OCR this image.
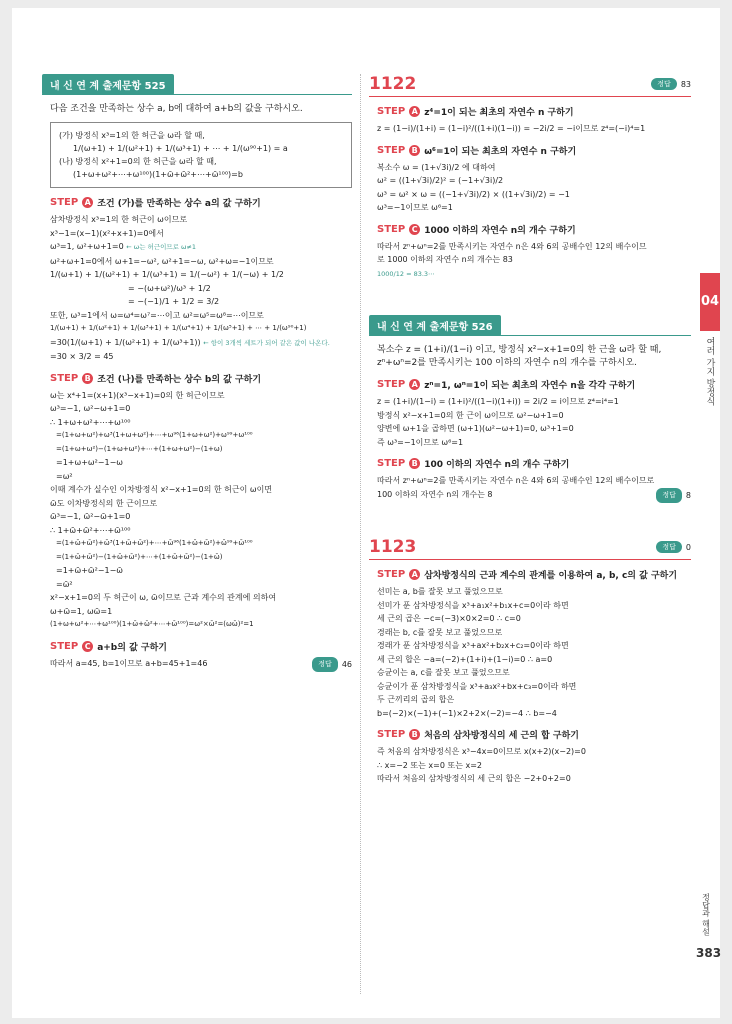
내 신 연 계 출제문항 525
다음 조건을 만족하는 상수 a, b에 대하여 a+b의 값을 구하시오.
(가) 방정식 x³=1의 한 허근을 ω라 할 때,
1/(ω+1) + 1/(ω²+1) + 1/(ω³+1) + ⋯ + 1/(ω⁹⁰+1) = a
(나) 방정식 x²+1=0의 한 허근을 ω라 할 때,
(1+ω+ω²+⋯+ω¹⁰⁰)(1+ω̄+ω̄²+⋯+ω̄¹⁰⁰)=b
STEP A 조건 (가)를 만족하는 상수 a의 값 구하기
삼차방정식 x³=1의 한 허근이 ω이므로
x³−1=(x−1)(x²+x+1)=0에서
ω³=1, ω²+ω+1=0 ← ω는 허근이므로 ω≠1
ω²+ω+1=0에서 ω+1=−ω², ω²+1=−ω, ω²+ω=−1이므로
1/(ω+1) + 1/(ω²+1) + 1/(ω³+1) = 1/(−ω²) + 1/(−ω) + 1/2
= −(ω+ω²)/ω³ + 1/2
= −(−1)/1 + 1/2 = 3/2
또한, ω³=1에서 ω=ω⁴=ω⁷=⋯이고 ω²=ω⁵=ω⁸=⋯이므로
1/(ω+1) + 1/(ω²+1) + 1/(ω³+1) + 1/(ω⁴+1) + 1/(ω⁵+1) + ⋯ + 1/(ω⁹⁰+1)
=30(1/(ω+1) + 1/(ω²+1) + 1/(ω³+1)) ← 항이 3개씩 세트가 되어 같은 값이 나온다.
=30 × 3/2 = 45
STEP B 조건 (나)를 만족하는 상수 b의 값 구하기
ω는 x⁴+1=(x+1)(x³−x+1)=0의 한 허근이므로
ω³=−1, ω²−ω+1=0
∴ 1+ω+ω²+⋯+ω¹⁰⁰
=(1+ω+ω²)+ω³(1+ω+ω²)+⋯+ω⁹⁶(1+ω+ω²)+ω⁹⁹+ω¹⁰⁰
=(1+ω+ω²)−(1+ω+ω²)+⋯+(1+ω+ω²)−(1+ω)
=1+ω+ω²−1−ω
=ω²
이때 계수가 실수인 이차방정식 x²−x+1=0의 한 허근이 ω이면
ω̄도 이차방정식의 한 근이므로
ω̄³=−1, ω̄²−ω̄+1=0
∴ 1+ω̄+ω̄²+⋯+ω̄¹⁰⁰
=(1+ω̄+ω̄²)+ω̄³(1+ω̄+ω̄²)+⋯+ω̄⁹⁶(1+ω̄+ω̄²)+ω̄⁹⁹+ω̄¹⁰⁰
=(1+ω̄+ω̄²)−(1+ω̄+ω̄²)+⋯+(1+ω̄+ω̄²)−(1+ω̄)
=1+ω̄+ω̄²−1−ω̄
=ω̄²
x²−x+1=0의 두 허근이 ω, ω̄이므로 근과 계수의 관계에 의하여
ω+ω̄=1, ωω̄=1
(1+ω+ω²+⋯+ω¹⁰⁰)(1+ω̄+ω̄²+⋯+ω̄¹⁰⁰)=ω²×ω̄²=(ωω̄)²=1
STEP C a+b의 값 구하기
따라서 a=45, b=1이므로 a+b=45+1=46	정답	46
1122	정답	83
STEP A z⁴=1이 되는 최초의 자연수 n 구하기
z = (1−i)/(1+i) = (1−i)²/((1+i)(1−i)) = −2i/2 = −i이므로 z⁴=(−i)⁴=1
STEP B ω⁶=1이 되는 최초의 자연수 n 구하기
복소수 ω = (1+√3i)/2 에 대하여
ω² = ((1+√3i)/2)² = (−1+√3i)/2
ω³ = ω² × ω = ((−1+√3i)/2) × ((1+√3i)/2) = −1
ω³=−1이므로 ω⁶=1
STEP C 1000 이하의 자연수 n의 개수 구하기
따라서 zⁿ+ωⁿ=2를 만족시키는 자연수 n은 4와 6의 공배수인 12의 배수이므
로 1000 이하의 자연수 n의 개수는 83
1000/12 = 83.3⋯
내 신 연 계 출제문항 526
복소수 z = (1+i)/(1−i) 이고, 방정식 x²−x+1=0의 한 근을 ω라 할 때,
zⁿ+ωⁿ=2를 만족시키는 100 이하의 자연수 n의 개수를 구하시오.
STEP A zⁿ=1, ωⁿ=1이 되는 최초의 자연수 n을 각각 구하기
z = (1+i)/(1−i) = (1+i)²/((1−i)(1+i)) = 2i/2 = i이므로 z⁴=i⁴=1
방정식 x²−x+1=0의 한 근이 ω이므로 ω²−ω+1=0
양변에 ω+1을 곱하면 (ω+1)(ω²−ω+1)=0, ω³+1=0
즉 ω³=−1이므로 ω⁶=1
STEP B 100 이하의 자연수 n의 개수 구하기
따라서 zⁿ+ωⁿ=2를 만족시키는 자연수 n은 4와 6의 공배수인 12의 배수이므로
100 이하의 자연수 n의 개수는 8	정답	8
1123	정답	0
STEP A 삼차방정식의 근과 계수의 관계를 이용하여 a, b, c의 값 구하기
선미는 a, b를 잘못 보고 풀었으므로
선미가 푼 삼차방정식을 x³+a₁x²+b₁x+c=0이라 하면
세 근의 곱은 −c=(−3)×0×2=0 ∴ c=0
경래는 b, c를 잘못 보고 풀었으므로
경래가 푼 삼차방정식을 x³+ax²+b₂x+c₂=0이라 하면
세 근의 합은 −a=(−2)+(1+i)+(1−i)=0 ∴ a=0
승균이는 a, c를 잘못 보고 풀었으므로
승균이가 푼 삼차방정식을 x³+a₃x²+bx+c₃=0이라 하면
두 근끼리의 곱의 합은
b=(−2)×(−1)+(−1)×2+2×(−2)=−4 ∴ b=−4
STEP B 처음의 삼차방정식의 세 근의 합 구하기
즉 처음의 삼차방정식은 x³−4x=0이므로 x(x+2)(x−2)=0
∴ x=−2 또는 x=0 또는 x=2
따라서 처음의 삼차방정식의 세 근의 합은 −2+0+2=0
04
여러 가지 방정식
정답과 해설
383
